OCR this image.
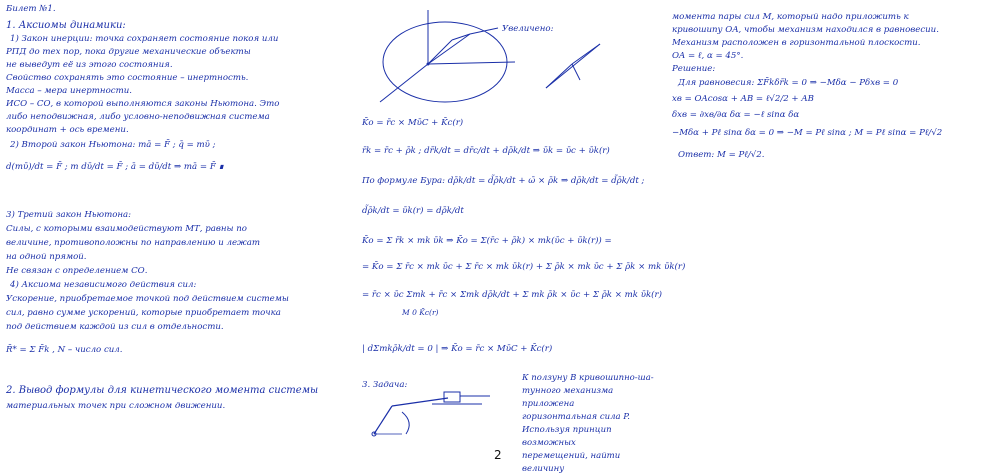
Билет №1.
1. Аксиомы динамики:
1) Закон инерции: точка сохраняет состояние покоя или
РПД до тех пор, пока другие механические объекты
не выведут её из этого состояния.
Свойство сохранять это состояние – инертность.
Масса – мера инертности.
ИСО – СО, в которой выполняются законы Ньютона. Это
либо неподвижная, либо условно-неподвижная система
координат + ось времени.
2) Второй закон Ньютона: mā = F̄ ; q̄ = mῡ ;
d(mῡ)/dt = F̄ ; m dῡ/dt = F̄ ; ā = dῡ/dt ⇒ mā = F̄ ∎
3) Третий закон Ньютона:
Силы, с которыми взаимодействуют МТ, равны по
величине, противоположны по направлению и лежат
на одной прямой.
Не связан с определением СО.
4) Аксиома независимого действия сил:
Ускорение, приобретаемое точкой под действием системы
сил, равно сумме ускорений, которые приобретает точка
под действием каждой из сил в отдельности.
R̄* = Σ F̄k , N – число сил.
2. Вывод формулы для кинетического момента системы
материальных точек при сложном движении.
Увеличено:
K̄o = r̄c × MῡC + K̄c(r)
r̄k = r̄c + ρ̄k ; dr̄k/dt = dr̄c/dt + dρ̄k/dt ⇒ ῡk = ῡc + ῡk(r)
По формуле Бура: dρ̄k/dt = d̃ρ̄k/dt + ω̄ × ρ̄k ⇒ dρ̄k/dt = d̃ρ̄k/dt ;
d̃ρ̄k/dt = ῡk(r) = dρ̄k/dt
K̄o = Σ r̄k × mk ῡk ⇒ K̄o = Σ(r̄c + ρ̄k) × mk(ῡc + ῡk(r)) =
= K̄o = Σ r̄c × mk ῡc + Σ r̄c × mk ῡk(r) + Σ ρ̄k × mk ῡc + Σ ρ̄k × mk ῡk(r)
= r̄c × ῡc Σmk + r̄c × Σmk dρ̄k/dt + Σ mk ρ̄k × ῡc + Σ ρ̄k × mk ῡk(r)
M 0 K̄c(r)
| dΣmkρ̄k/dt = 0 | ⇒ K̄o = r̄c × MῡC + K̄c(r)
3. Задача:
К ползуну B кривошипно-ша-
тунного механизма приложена
горизонтальная сила P.
Используя принцип возможных
перемещений, найти величину
момента пары сил M, который надо приложить к
кривошипу OA, чтобы механизм находился в равновесии.
Механизм расположен в горизонтальной плоскости.
OA = ℓ, α = 45°.
Решение:
Для равновесия: ΣF̄kδr̄k = 0 ⇒ −Mδα − Pδxв = 0
xв = OAcosα + AB = ℓ√2/2 + AB
δxв = ∂xв/∂α δα = −ℓ sinα δα
−Mδα + Pℓ sinα δα = 0 ⇒ −M = Pℓ sinα ; M = Pℓ sinα = Pℓ/√2
Ответ: M = Pℓ/√2.
2
